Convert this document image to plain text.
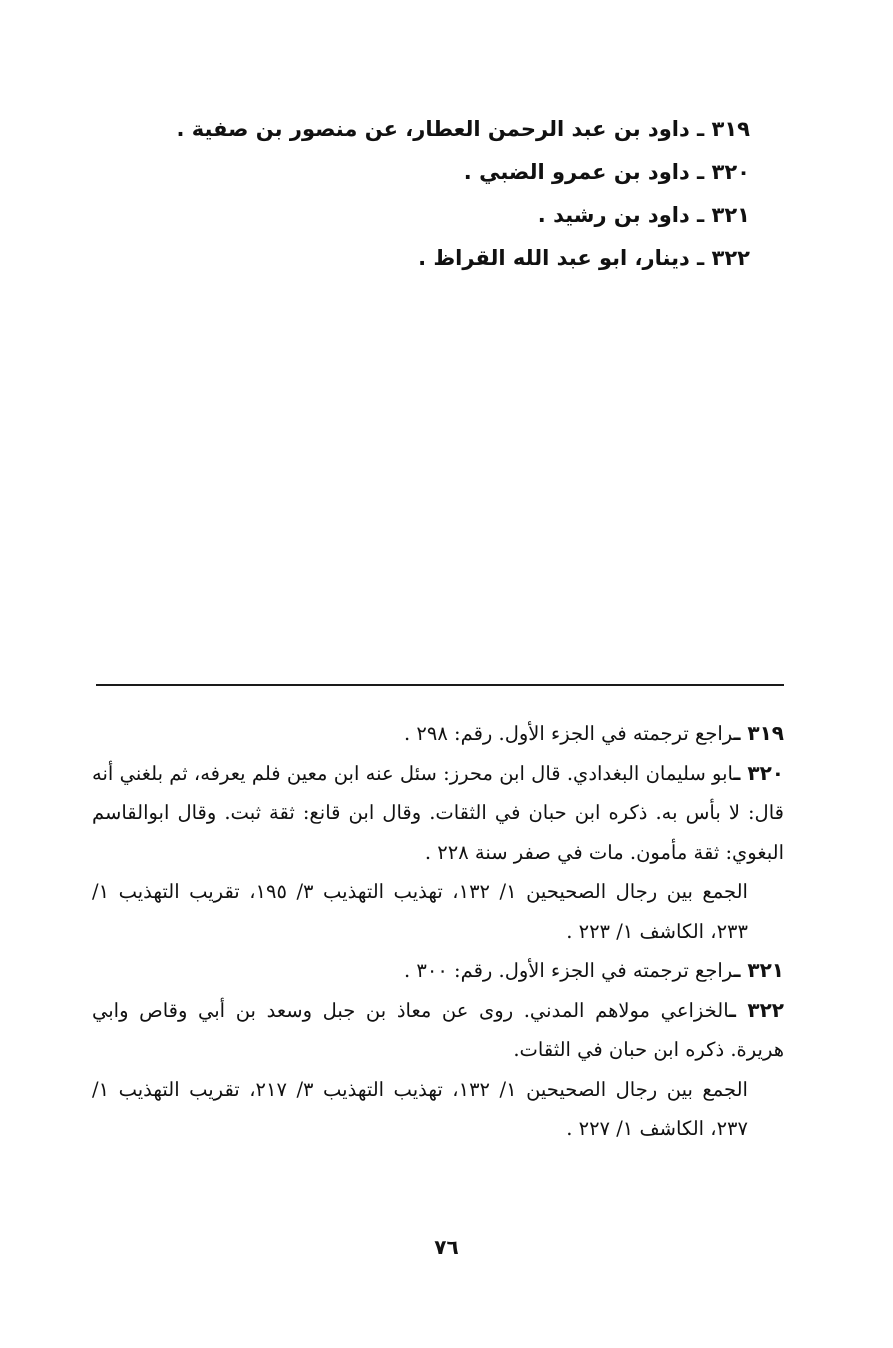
٣١٩ ـ داود بن عبد الرحمن العطار، عن منصور بن صفية .
٣٢٠ ـ داود بن عمرو الضبي .
٣٢١ ـ داود بن رشيد .
٣٢٢ ـ دينار، ابو عبد الله القراظ .
٣١٩ ـراجع ترجمته في الجزء الأول. رقم: ٢٩٨ .
٣٢٠ ـابو سليمان البغدادي. قال ابن محرز: سئل عنه ابن معين فلم يعرفه، ثم بلغني أنه قال: لا بأس به. ذكره ابن حبان في الثقات. وقال ابن قانع: ثقة ثبت. وقال ابوالقاسم البغوي: ثقة مأمون. مات في صفر سنة ٢٢٨ .
الجمع بين رجال الصحيحين ١/ ١٣٢، تهذيب التهذيب ٣/ ١٩٥، تقريب التهذيب ١/ ٢٣٣، الكاشف ١/ ٢٢٣ .
٣٢١ ـراجع ترجمته في الجزء الأول. رقم: ٣٠٠ .
٣٢٢ ـالخزاعي مولاهم المدني. روى عن معاذ بن جبل وسعد بن أبي وقاص وابي هريرة. ذكره ابن حبان في الثقات.
الجمع بين رجال الصحيحين ١/ ١٣٢، تهذيب التهذيب ٣/ ٢١٧، تقريب التهذيب ١/ ٢٣٧، الكاشف ١/ ٢٢٧ .
٧٦
